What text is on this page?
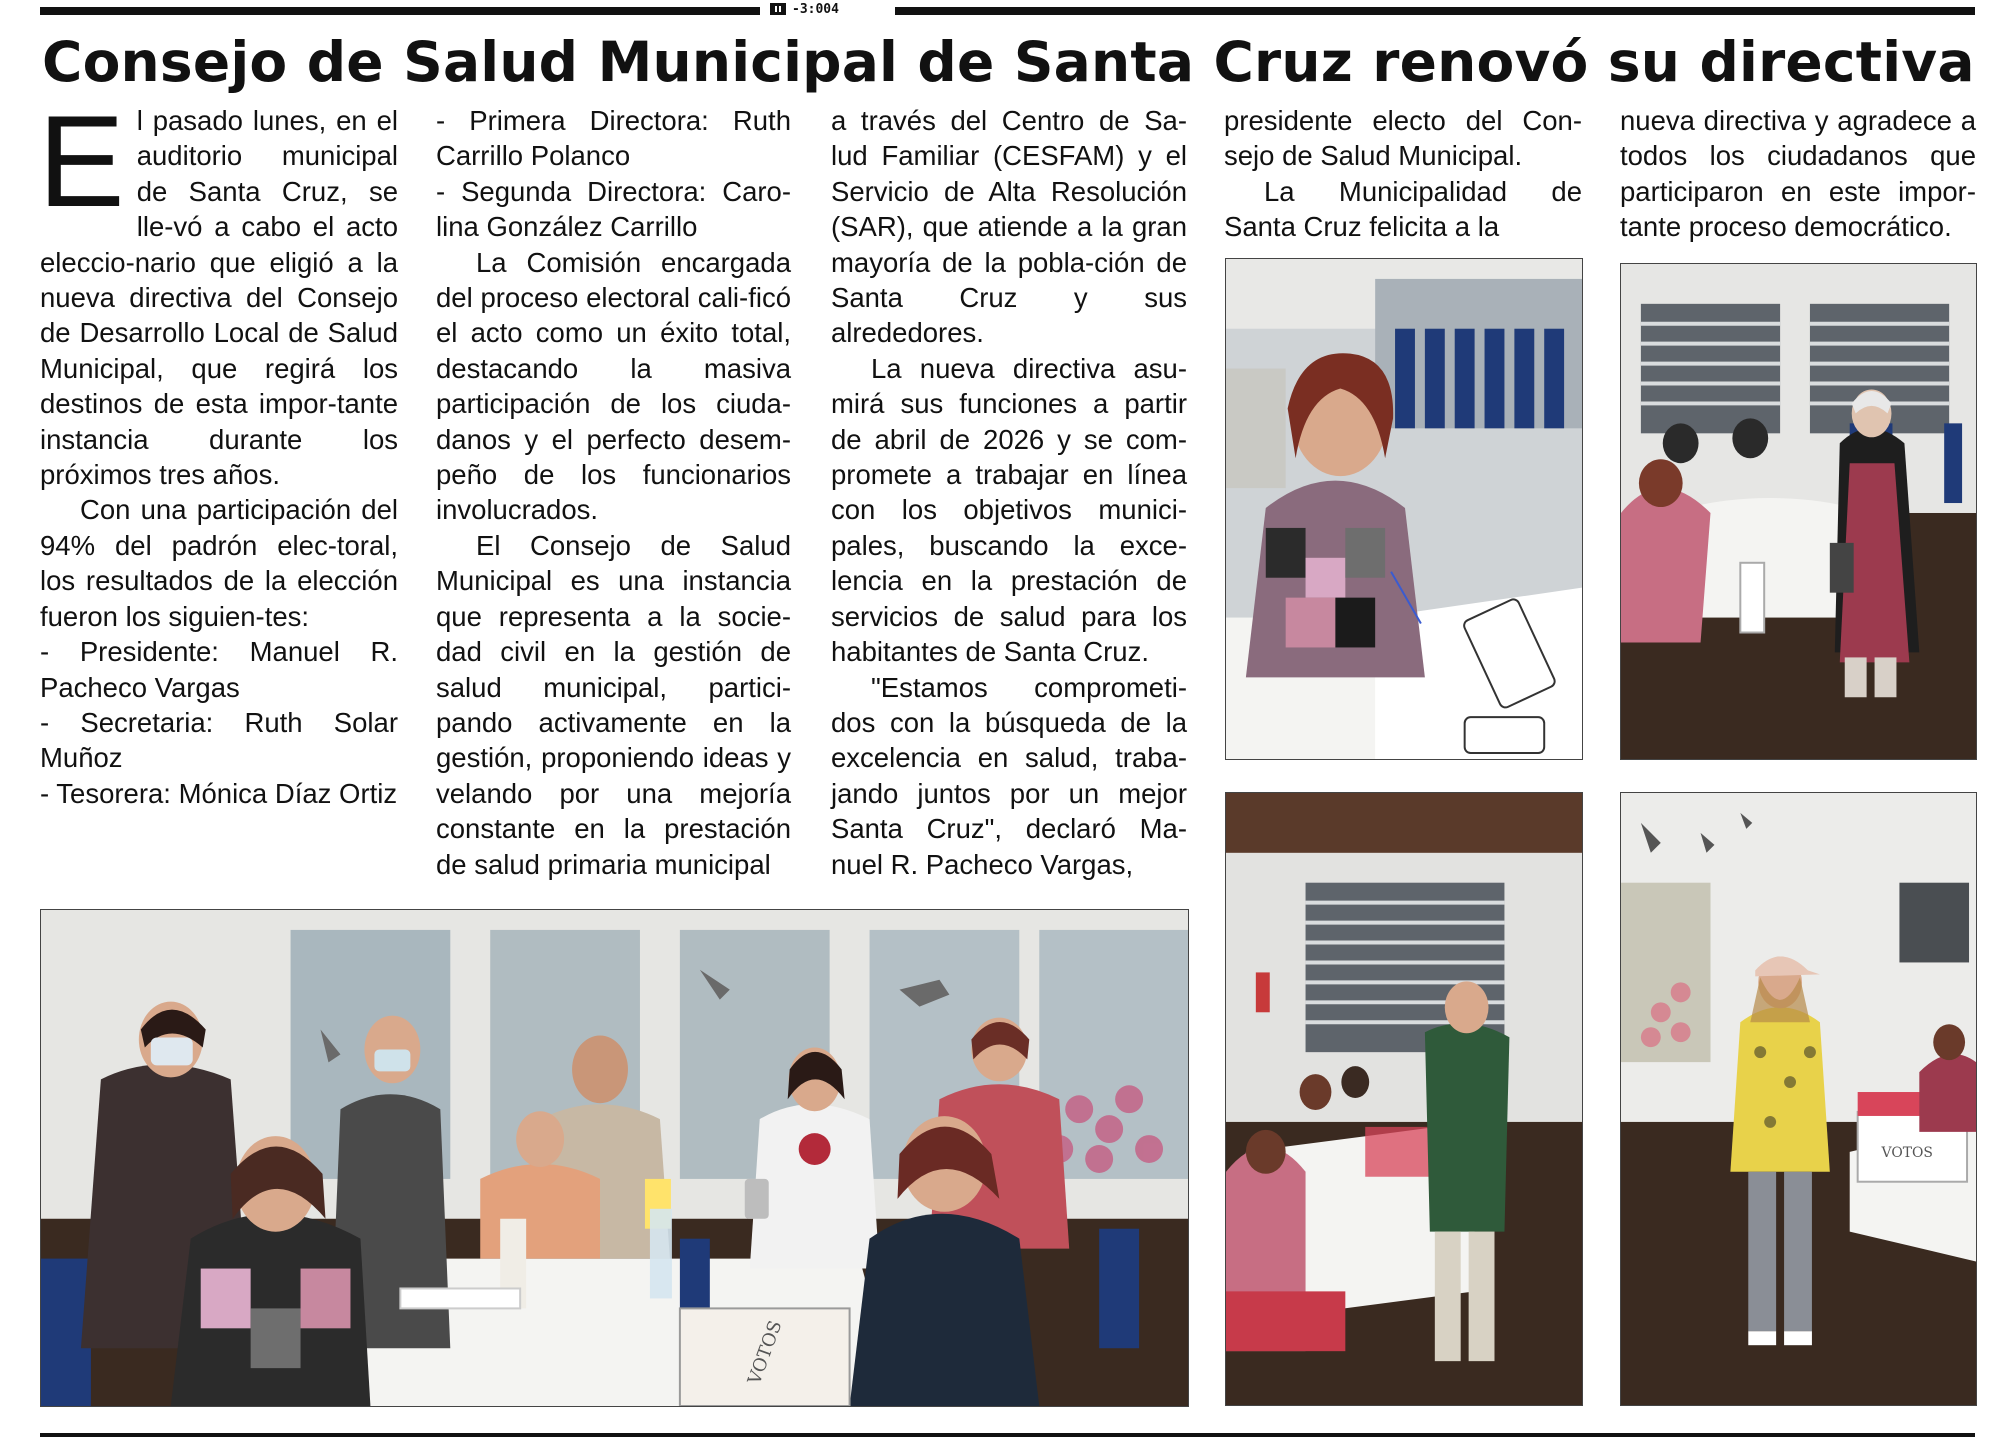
-3:004
Consejo de Salud Municipal de Santa Cruz renovó su directiva

El pasado lunes, en el auditorio municipal de Santa Cruz, se lle-vó a cabo el acto eleccio-nario que eligió a la nueva directiva del Consejo de Desarrollo Local de Salud Municipal, que regirá los destinos de esta impor-tante instancia durante los próximos tres años.

Con una participación del 94% del padrón elec-toral, los resultados de la elección fueron los siguien-tes:

- Presidente: Manuel R. Pacheco Vargas

- Secretaria: Ruth Solar Muñoz

- Tesorera: Mónica Díaz Ortiz

- Primera Directora: Ruth Carrillo Polanco

- Segunda Directora: Caro-lina González Carrillo

La Comisión encargada del proceso electoral cali-ficó el acto como un éxito total, destacando la masiva participación de los ciuda-danos y el perfecto desem-peño de los funcionarios involucrados.

El Consejo de Salud Municipal es una instancia que representa a la socie-dad civil en la gestión de salud municipal, partici-pando activamente en la gestión, proponiendo ideas y velando por una mejoría constante en la prestación de salud primaria municipal

a través del Centro de Sa-lud Familiar (CESFAM) y el Servicio de Alta Resolución (SAR), que atiende a la gran mayoría de la pobla-ción de Santa Cruz y sus alrededores.

La nueva directiva asu-mirá sus funciones a partir de abril de 2026 y se com-promete a trabajar en línea con los objetivos munici-pales, buscando la exce-lencia en la prestación de servicios de salud para los habitantes de Santa Cruz.

"Estamos comprometi-dos con la búsqueda de la excelencia en salud, traba-jando juntos por un mejor Santa Cruz", declaró Ma-nuel R. Pacheco Vargas,

presidente electo del Con-sejo de Salud Municipal.

La Municipalidad de Santa Cruz felicita a la

nueva directiva y agradece a todos los ciudadanos que participaron en este impor-tante proceso democrático.

VOTOS
VOTOS
